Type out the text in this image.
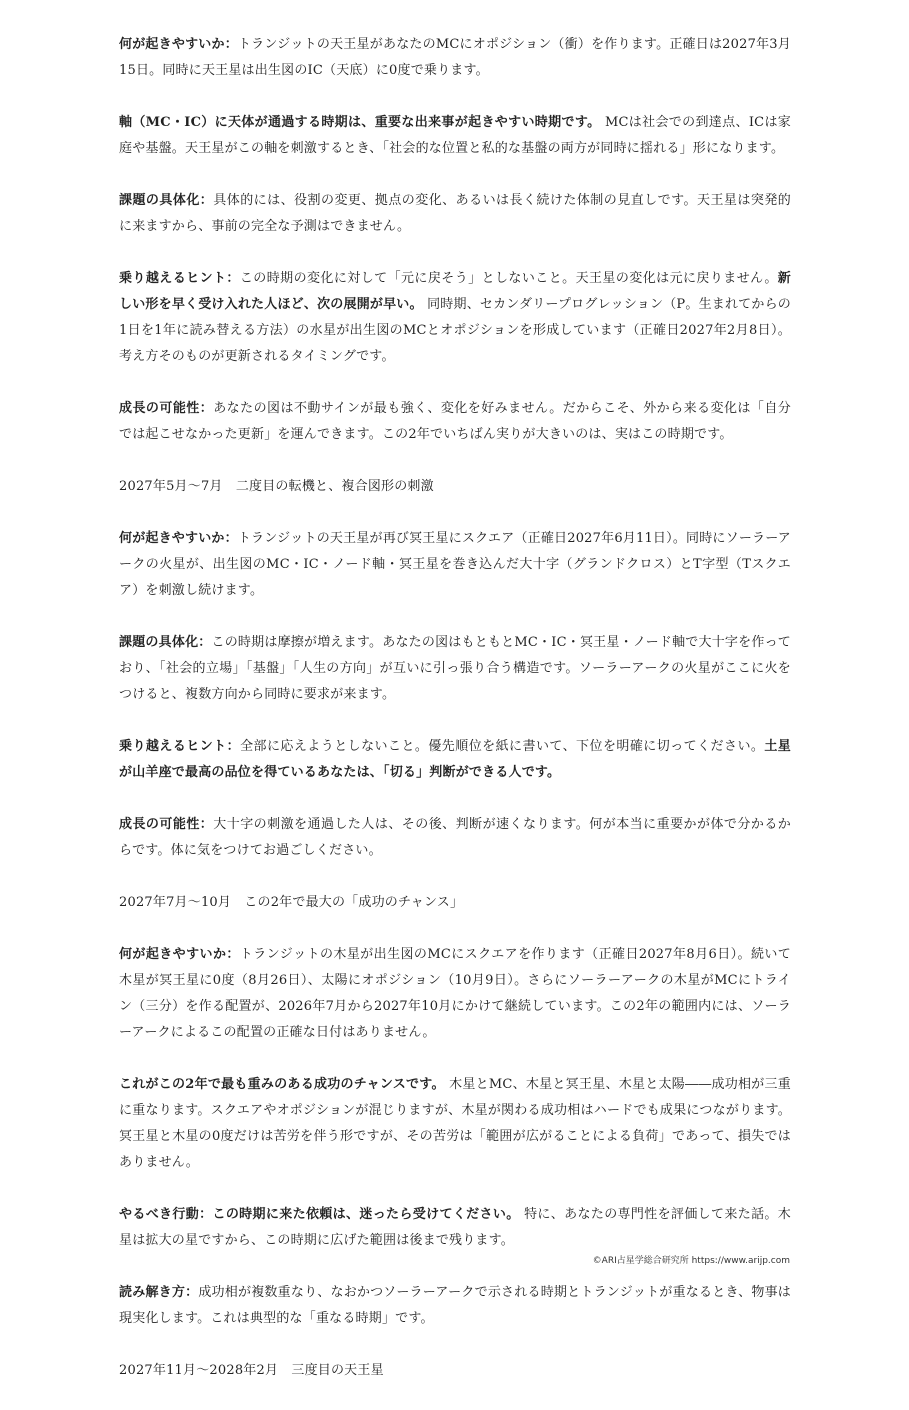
何が起きやすいか：トランジットの天王星があなたのMCにオポジション（衝）を作ります。正確日は2027年3月15日。同時に天王星は出生図のIC（天底）に0度で乗ります。

軸（MC・IC）に天体が通過する時期は、重要な出来事が起きやすい時期です。 MCは社会での到達点、ICは家庭や基盤。天王星がこの軸を刺激するとき、「社会的な位置と私的な基盤の両方が同時に揺れる」形になります。

課題の具体化：具体的には、役割の変更、拠点の変化、あるいは長く続けた体制の見直しです。天王星は突発的に来ますから、事前の完全な予測はできません。

乗り越えるヒント：この時期の変化に対して「元に戻そう」としないこと。天王星の変化は元に戻りません。新しい形を早く受け入れた人ほど、次の展開が早い。 同時期、セカンダリープログレッション（P。生まれてからの1日を1年に読み替える方法）の水星が出生図のMCとオポジションを形成しています（正確日2027年2月8日）。考え方そのものが更新されるタイミングです。

成長の可能性：あなたの図は不動サインが最も強く、変化を好みません。だからこそ、外から来る変化は「自分では起こせなかった更新」を運んできます。この2年でいちばん実りが大きいのは、実はこの時期です。

2027年5月〜7月　二度目の転機と、複合図形の刺激

何が起きやすいか：トランジットの天王星が再び冥王星にスクエア（正確日2027年6月11日）。同時にソーラーアークの火星が、出生図のMC・IC・ノード軸・冥王星を巻き込んだ大十字（グランドクロス）とT字型（Tスクエア）を刺激し続けます。

課題の具体化：この時期は摩擦が増えます。あなたの図はもともとMC・IC・冥王星・ノード軸で大十字を作っており、「社会的立場」「基盤」「人生の方向」が互いに引っ張り合う構造です。ソーラーアークの火星がここに火をつけると、複数方向から同時に要求が来ます。

乗り越えるヒント：全部に応えようとしないこと。優先順位を紙に書いて、下位を明確に切ってください。土星が山羊座で最高の品位を得ているあなたは、「切る」判断ができる人です。

成長の可能性：大十字の刺激を通過した人は、その後、判断が速くなります。何が本当に重要かが体で分かるからです。体に気をつけてお過ごしください。

2027年7月〜10月　この2年で最大の「成功のチャンス」

何が起きやすいか：トランジットの木星が出生図のMCにスクエアを作ります（正確日2027年8月6日）。続いて木星が冥王星に0度（8月26日）、太陽にオポジション（10月9日）。さらにソーラーアークの木星がMCにトライン（三分）を作る配置が、2026年7月から2027年10月にかけて継続しています。この2年の範囲内には、ソーラーアークによるこの配置の正確な日付はありません。

これがこの2年で最も重みのある成功のチャンスです。 木星とMC、木星と冥王星、木星と太陽――成功相が三重に重なります。スクエアやオポジションが混じりますが、木星が関わる成功相はハードでも成果につながります。冥王星と木星の0度だけは苦労を伴う形ですが、その苦労は「範囲が広がることによる負荷」であって、損失ではありません。

やるべき行動：この時期に来た依頼は、迷ったら受けてください。 特に、あなたの専門性を評価して来た話。木星は拡大の星ですから、この時期に広げた範囲は後まで残ります。

読み解き方：成功相が複数重なり、なおかつソーラーアークで示される時期とトランジットが重なるとき、物事は現実化します。これは典型的な「重なる時期」です。

2027年11月〜2028年2月　三度目の天王星

©ARI占星学総合研究所 https://www.arijp.com
